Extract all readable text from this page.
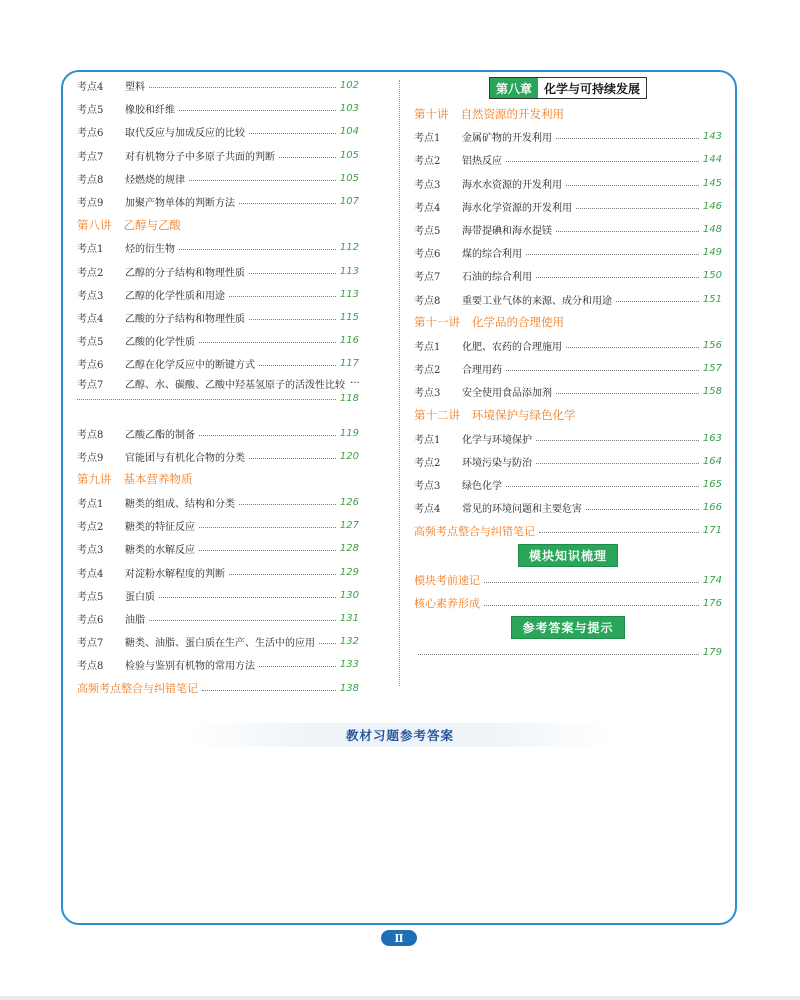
考点4	塑料	102
考点5	橡胶和纤维	103
考点6	取代反应与加成反应的比较	104
考点7	对有机物分子中多原子共面的判断	105
考点8	烃燃烧的规律	105
考点9	加聚产物单体的判断方法	107
第八讲	乙醇与乙酸
考点1	烃的衍生物	112
考点2	乙醇的分子结构和物理性质	113
考点3	乙醇的化学性质和用途	113
考点4	乙酸的分子结构和物理性质	115
考点5	乙酸的化学性质	116
考点6	乙醇在化学反应中的断键方式	117
考点7	乙醇、水、碳酸、乙酸中羟基氢原子的活泼性比较 ···
118
考点8	乙酸乙酯的制备	119
考点9	官能团与有机化合物的分类	120
第九讲	基本营养物质
考点1	糖类的组成、结构和分类	126
考点2	糖类的特征反应	127
考点3	糖类的水解反应	128
考点4	对淀粉水解程度的判断	129
考点5	蛋白质	130
考点6	油脂	131
考点7	糖类、油脂、蛋白质在生产、生活中的应用 132
考点8	检验与鉴别有机物的常用方法	133
高频考点整合与纠错笔记	138
第八章	化学与可持续发展
第十讲	自然资源的开发利用
考点1	金属矿物的开发利用	143
考点2	铝热反应	144
考点3	海水水资源的开发利用	145
考点4	海水化学资源的开发利用	146
考点5	海带提碘和海水提镁	148
考点6	煤的综合利用	149
考点7	石油的综合利用	150
考点8	重要工业气体的来源、成分和用途	151
第十一讲	化学品的合理使用
考点1	化肥、农药的合理施用	156
考点2	合理用药	157
考点3	安全使用食品添加剂	158
第十二讲	环境保护与绿色化学
考点1	化学与环境保护	163
考点2	环境污染与防治	164
考点3	绿色化学	165
考点4	常见的环境问题和主要危害	166
高频考点整合与纠错笔记	171
模块知识梳理
模块考前速记	174
核心素养形成	176
参考答案与提示
179
教材习题参考答案
Ⅱ
